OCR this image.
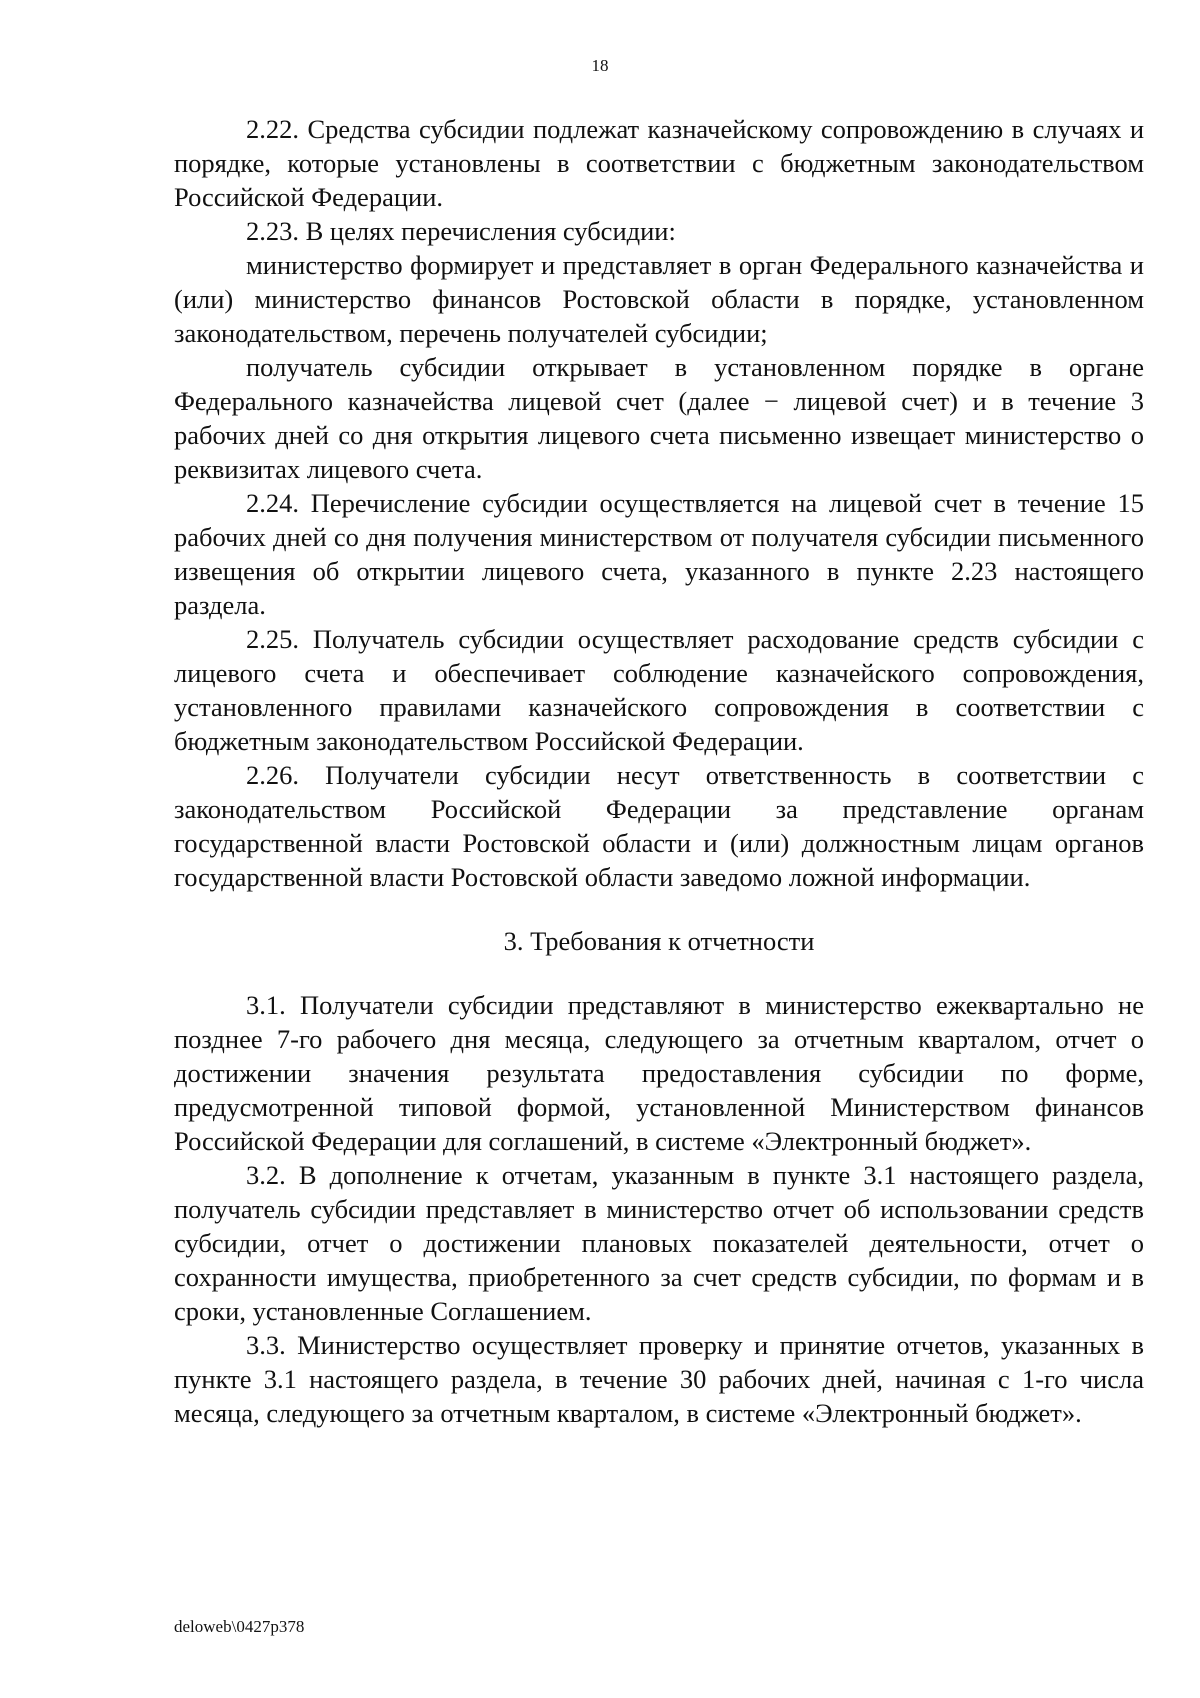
18

2.22. Средства субсидии подлежат казначейскому сопровождению в случаях и порядке, которые установлены в соответствии с бюджетным законодательством Российской Федерации.

2.23. В целях перечисления субсидии:

министерство формирует и представляет в орган Федерального казначейства и (или) министерство финансов Ростовской области в порядке, установленном законодательством, перечень получателей субсидии;

получатель субсидии открывает в установленном порядке в органе Федерального казначейства лицевой счет (далее − лицевой счет) и в течение 3 рабочих дней со дня открытия лицевого счета письменно извещает министерство о реквизитах лицевого счета.

2.24. Перечисление субсидии осуществляется на лицевой счет в течение 15 рабочих дней со дня получения министерством от получателя субсидии письменного извещения об открытии лицевого счета, указанного в пункте 2.23 настоящего раздела.

2.25. Получатель субсидии осуществляет расходование средств субсидии с лицевого счета и обеспечивает соблюдение казначейского сопровождения, установленного правилами казначейского сопровождения в соответствии с бюджетным законодательством Российской Федерации.

2.26. Получатели субсидии несут ответственность в соответствии с законодательством Российской Федерации за представление органам государственной власти Ростовской области и (или) должностным лицам органов государственной власти Ростовской области заведомо ложной информации.

3. Требования к отчетности

3.1. Получатели субсидии представляют в министерство ежеквартально не позднее 7-го рабочего дня месяца, следующего за отчетным кварталом, отчет о достижении значения результата предоставления субсидии по форме, предусмотренной типовой формой, установленной Министерством финансов Российской Федерации для соглашений, в системе «Электронный бюджет».

3.2. В дополнение к отчетам, указанным в пункте 3.1 настоящего раздела, получатель субсидии представляет в министерство отчет об использовании средств субсидии, отчет о достижении плановых показателей деятельности, отчет о сохранности имущества, приобретенного за счет средств субсидии, по формам и в сроки, установленные Соглашением.

3.3. Министерство осуществляет проверку и принятие отчетов, указанных в пункте 3.1 настоящего раздела, в течение 30 рабочих дней, начиная с 1-го числа месяца, следующего за отчетным кварталом, в системе «Электронный бюджет».

deloweb\0427p378
